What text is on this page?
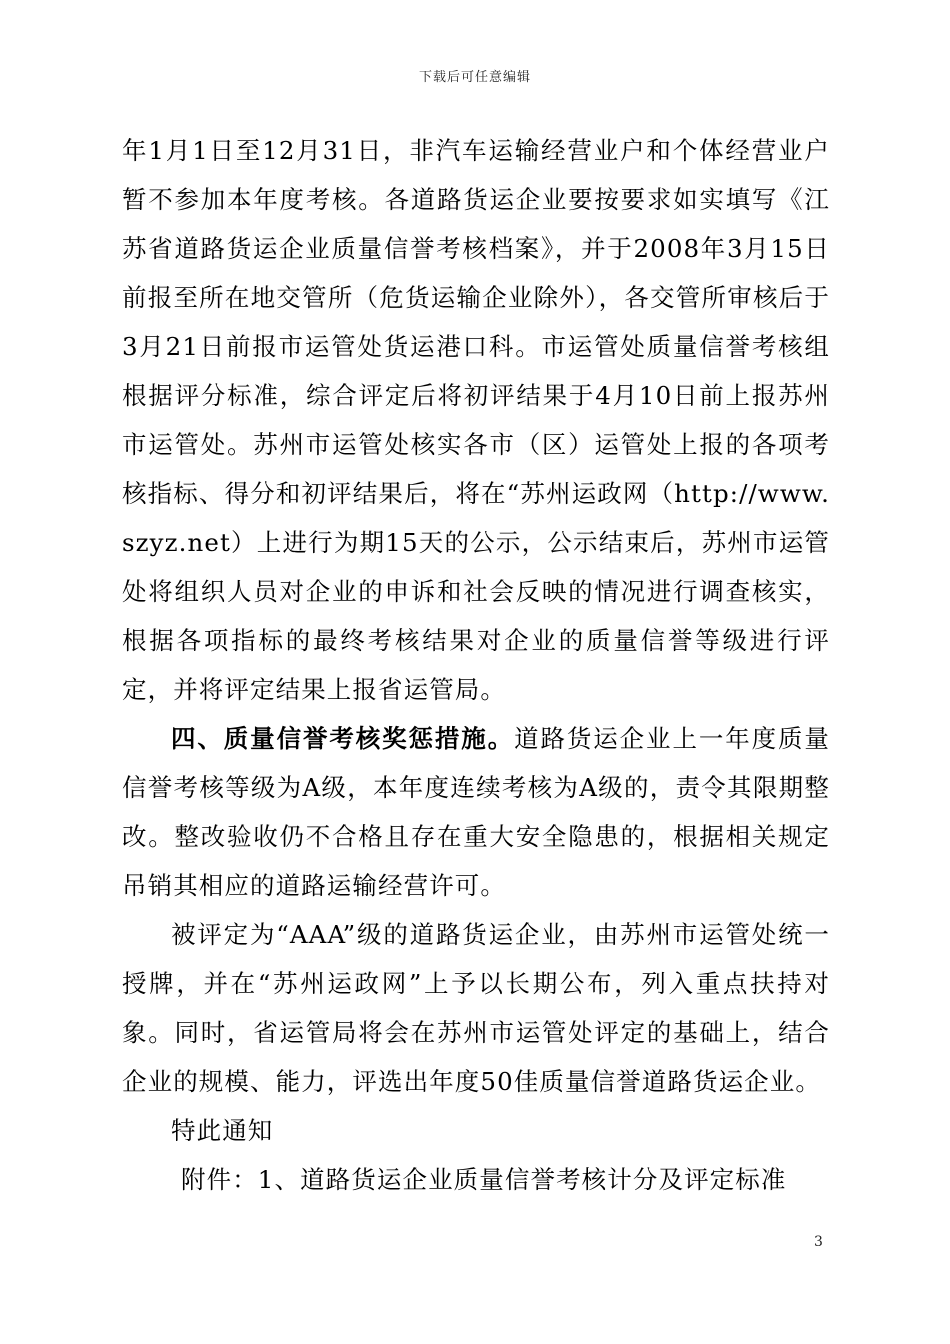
下载后可任意编辑

年1月1日至12月31日，非汽车运输经营业户和个体经营业户暂不参加本年度考核。各道路货运企业要按要求如实填写《江苏省道路货运企业质量信誉考核档案》，并于2008年3月15日前报至所在地交管所（危货运输企业除外），各交管所审核后于3月21日前报市运管处货运港口科。市运管处质量信誉考核组根据评分标准，综合评定后将初评结果于4月10日前上报苏州市运管处。苏州市运管处核实各市（区）运管处上报的各项考核指标、得分和初评结果后，将在“苏州运政网（http://www.szyz.net）上进行为期15天的公示，公示结束后，苏州市运管处将组织人员对企业的申诉和社会反映的情况进行调查核实，根据各项指标的最终考核结果对企业的质量信誉等级进行评定，并将评定结果上报省运管局。

四、质量信誉考核奖惩措施。道路货运企业上一年度质量信誉考核等级为A级，本年度连续考核为A级的，责令其限期整改。整改验收仍不合格且存在重大安全隐患的，根据相关规定吊销其相应的道路运输经营许可。

被评定为“AAA”级的道路货运企业，由苏州市运管处统一授牌，并在“苏州运政网”上予以长期公布，列入重点扶持对象。同时，省运管局将会在苏州市运管处评定的基础上，结合企业的规模、能力，评选出年度50佳质量信誉道路货运企业。

特此通知

附件：1、道路货运企业质量信誉考核计分及评定标准

3
